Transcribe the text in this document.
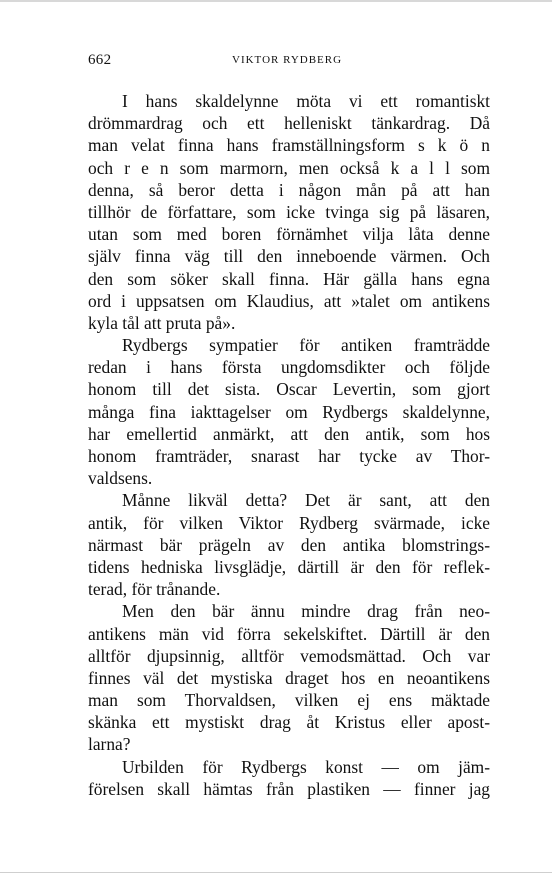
662	VIKTOR RYDBERG
I hans skaldelynne möta vi ett romantiskt
drömmardrag och ett helleniskt tänkardrag. Då
man velat finna hans framställningsform s k ö n
och r e n som marmorn, men också k a l l som
denna, så beror detta i någon mån på att han
tillhör de författare, som icke tvinga sig på läsaren,
utan som med boren förnämhet vilja låta denne
själv finna väg till den inneboende värmen. Och
den som söker skall finna. Här gälla hans egna
ord i uppsatsen om Klaudius, att »talet om antikens
kyla tål att pruta på».
Rydbergs sympatier för antiken framträdde
redan i hans första ungdomsdikter och följde
honom till det sista. Oscar Levertin, som gjort
många fina iakttagelser om Rydbergs skaldelynne,
har emellertid anmärkt, att den antik, som hos
honom framträder, snarast har tycke av Thor-
valdsens.
Månne likväl detta? Det är sant, att den
antik, för vilken Viktor Rydberg svärmade, icke
närmast bär prägeln av den antika blomstrings-
tidens hedniska livsglädje, därtill är den för reflek-
terad, för trånande.
Men den bär ännu mindre drag från neo-
antikens män vid förra sekelskiftet. Därtill är den
alltför djupsinnig, alltför vemodsmättad. Och var
finnes väl det mystiska draget hos en neoantikens
man som Thorvaldsen, vilken ej ens mäktade
skänka ett mystiskt drag åt Kristus eller apost-
larna?
Urbilden för Rydbergs konst — om jäm-
förelsen skall hämtas från plastiken — finner jag
